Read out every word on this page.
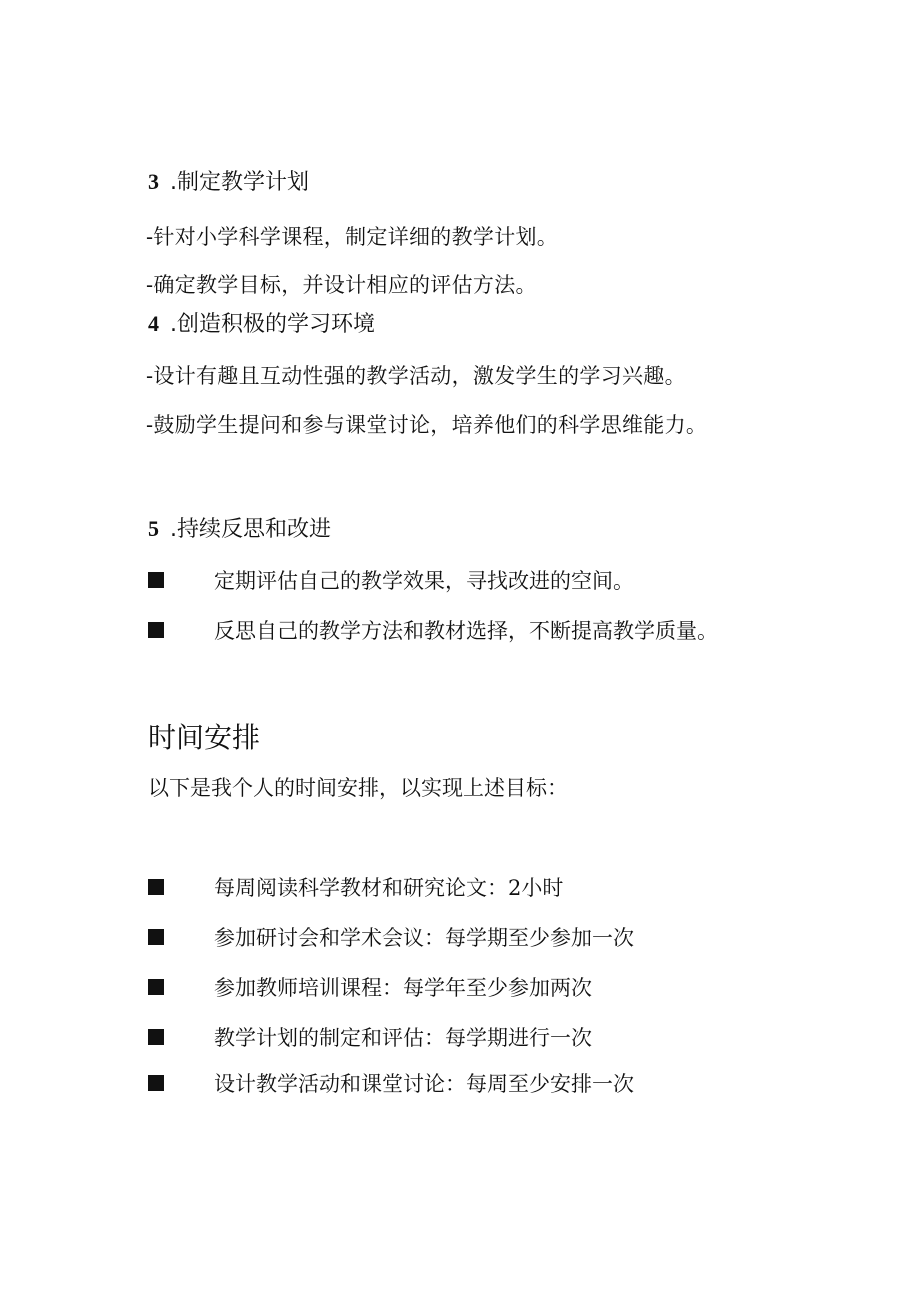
3 .制定教学计划
-针对小学科学课程，制定详细的教学计划。
-确定教学目标，并设计相应的评估方法。
4 .创造积极的学习环境
-设计有趣且互动性强的教学活动，激发学生的学习兴趣。
-鼓励学生提问和参与课堂讨论，培养他们的科学思维能力。
5 .持续反思和改进
定期评估自己的教学效果，寻找改进的空间。
反思自己的教学方法和教材选择，不断提高教学质量。
时间安排
以下是我个人的时间安排，以实现上述目标：
每周阅读科学教材和研究论文：2小时
参加研讨会和学术会议：每学期至少参加一次
参加教师培训课程：每学年至少参加两次
教学计划的制定和评估：每学期进行一次
设计教学活动和课堂讨论：每周至少安排一次
